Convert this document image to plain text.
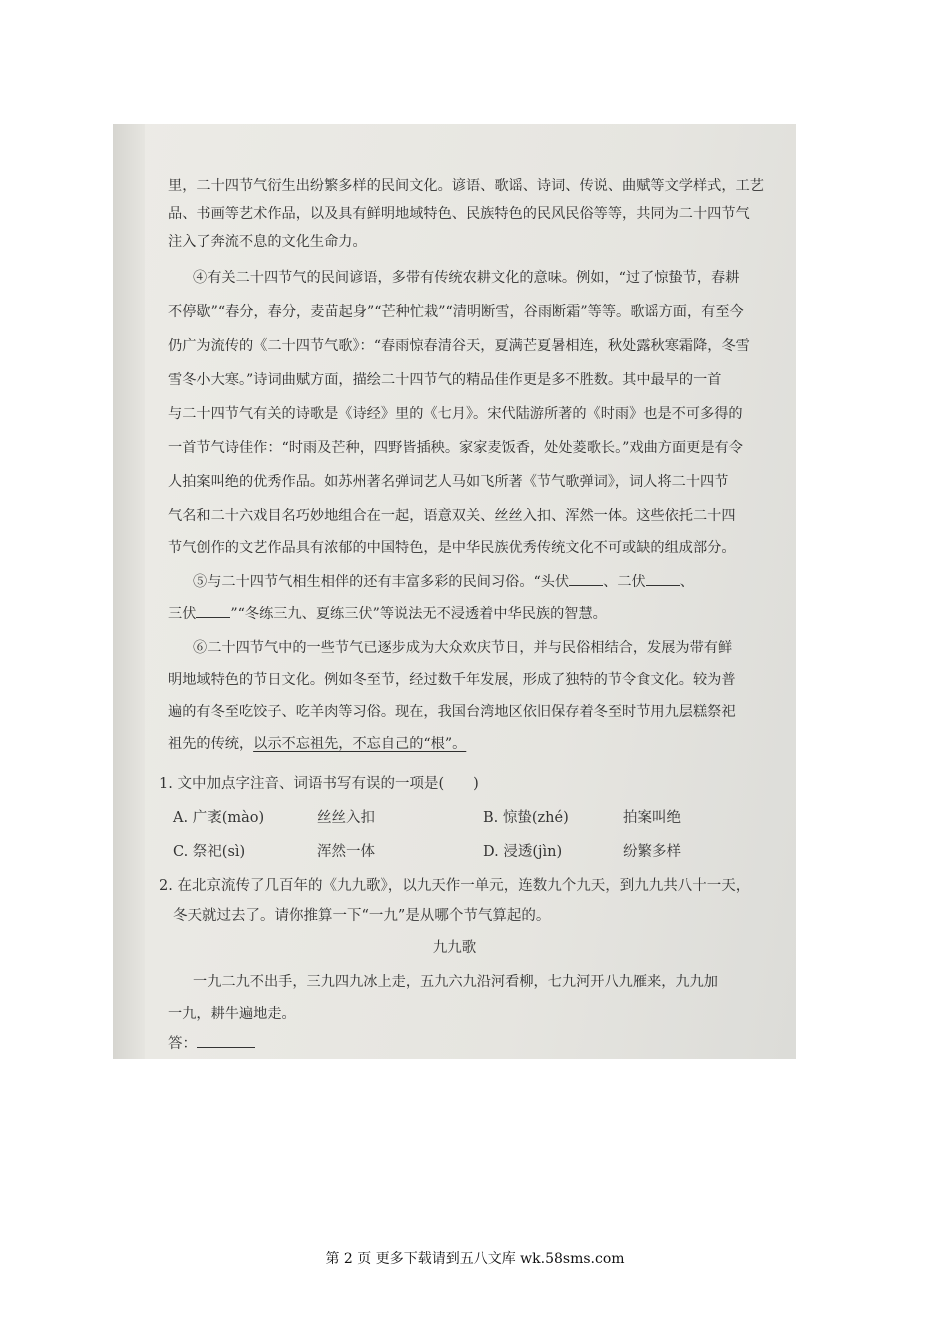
里，二十四节气衍生出纷繁多样的民间文化。谚语、歌谣、诗词、传说、曲赋等文学样式，工艺
品、书画等艺术作品，以及具有鲜明地域特色、民族特色的民风民俗等等，共同为二十四节气
注入了奔流不息的文化生命力。
④有关二十四节气的民间谚语，多带有传统农耕文化的意味。例如，“过了惊蛰节，春耕
不停歇”“春分，春分，麦苗起身”“芒种忙栽”“清明断雪，谷雨断霜”等等。歌谣方面，有至今
仍广为流传的《二十四节气歌》：“春雨惊春清谷天，夏满芒夏暑相连，秋处露秋寒霜降，冬雪
雪冬小大寒。”诗词曲赋方面，描绘二十四节气的精品佳作更是多不胜数。其中最早的一首
与二十四节气有关的诗歌是《诗经》里的《七月》。宋代陆游所著的《时雨》也是不可多得的
一首节气诗佳作：“时雨及芒种，四野皆插秧。家家麦饭香，处处菱歌长。”戏曲方面更是有令
人拍案叫绝的优秀作品。如苏州著名弹词艺人马如飞所著《节气歌弹词》，词人将二十四节
气名和二十六戏目名巧妙地组合在一起，语意双关、丝丝入扣、浑然一体。这些依托二十四
节气创作的文艺作品具有浓郁的中国特色，是中华民族优秀传统文化不可或缺的组成部分。
⑤与二十四节气相生相伴的还有丰富多彩的民间习俗。“头伏 、二伏 、
三伏 ”“冬练三九、夏练三伏”等说法无不浸透着中华民族的智慧。
⑥二十四节气中的一些节气已逐步成为大众欢庆节日，并与民俗相结合，发展为带有鲜
明地域特色的节日文化。例如冬至节，经过数千年发展，形成了独特的节令食文化。较为普
遍的有冬至吃饺子、吃羊肉等习俗。现在，我国台湾地区依旧保存着冬至时节用九层糕祭祀
祖先的传统，以示不忘祖先，不忘自己的“根”。
1. 文中加点字注音、词语书写有误的一项是(　　)
A. 广袤(mào)	丝丝入扣	B. 惊蛰(zhé)	拍案叫绝
C. 祭祀(sì)	浑然一体	D. 浸透(jìn)	纷繁多样
2. 在北京流传了几百年的《九九歌》，以九天作一单元，连数九个九天，到九九共八十一天，
冬天就过去了。请你推算一下“一九”是从哪个节气算起的。
九九歌
一九二九不出手，三九四九冰上走，五九六九沿河看柳，七九河开八九雁来，九九加
一九，耕牛遍地走。
答：
第 2 页 更多下载请到五八文库 wk.58sms.com
